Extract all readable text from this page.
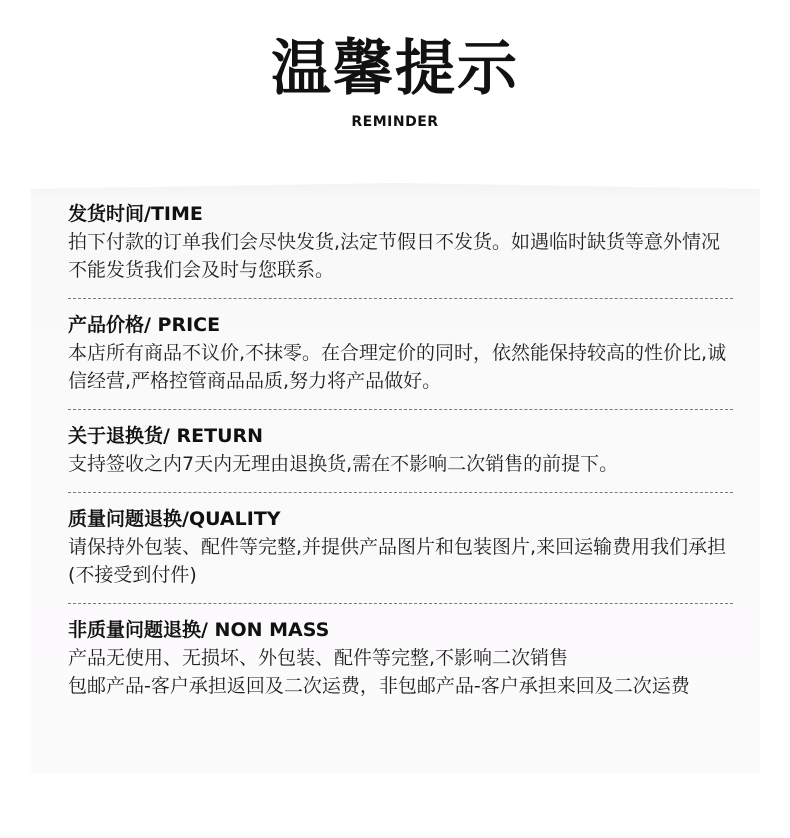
温馨提示
REMINDER
发货时间/TIME

拍下付款的订单我们会尽快发货,法定节假日不发货。如遇临时缺货等意外情况不能发货我们会及时与您联系。

产品价格/ PRICE

本店所有商品不议价,不抹零。在合理定价的同时，依然能保持较高的性价比,诚信经营,严格控管商品品质,努力将产品做好。

关于退换货/ RETURN

支持签收之内7天内无理由退换货,需在不影响二次销售的前提下。

质量问题退换/QUALITY

请保持外包装、配件等完整,并提供产品图片和包装图片,来回运输费用我们承担(不接受到付件)

非质量问题退换/ NON MASS

产品无使用、无损坏、外包装、配件等完整,不影响二次销售

包邮产品-客户承担返回及二次运费，非包邮产品-客户承担来回及二次运费
